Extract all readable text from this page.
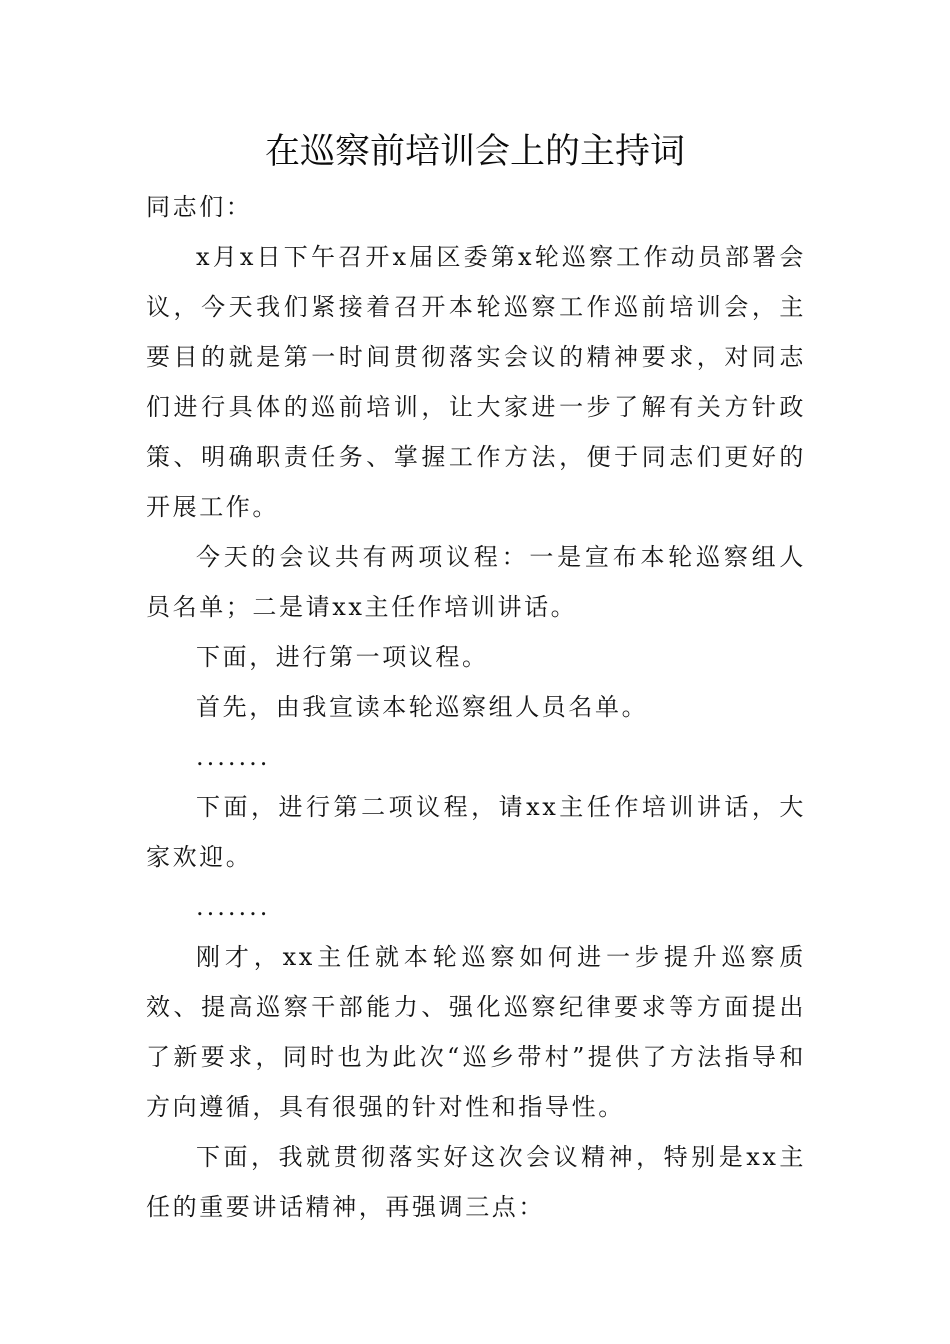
在巡察前培训会上的主持词

同志们：

x月x日下午召开x届区委第x轮巡察工作动员部署会议，今天我们紧接着召开本轮巡察工作巡前培训会，主要目的就是第一时间贯彻落实会议的精神要求，对同志们进行具体的巡前培训，让大家进一步了解有关方针政策、明确职责任务、掌握工作方法，便于同志们更好的开展工作。

今天的会议共有两项议程：一是宣布本轮巡察组人员名单；二是请xx主任作培训讲话。

下面，进行第一项议程。

首先，由我宣读本轮巡察组人员名单。

.......

下面，进行第二项议程，请xx主任作培训讲话，大家欢迎。

.......

刚才，xx主任就本轮巡察如何进一步提升巡察质效、提高巡察干部能力、强化巡察纪律要求等方面提出了新要求，同时也为此次“巡乡带村”提供了方法指导和方向遵循，具有很强的针对性和指导性。

下面，我就贯彻落实好这次会议精神，特别是xx主任的重要讲话精神，再强调三点：
